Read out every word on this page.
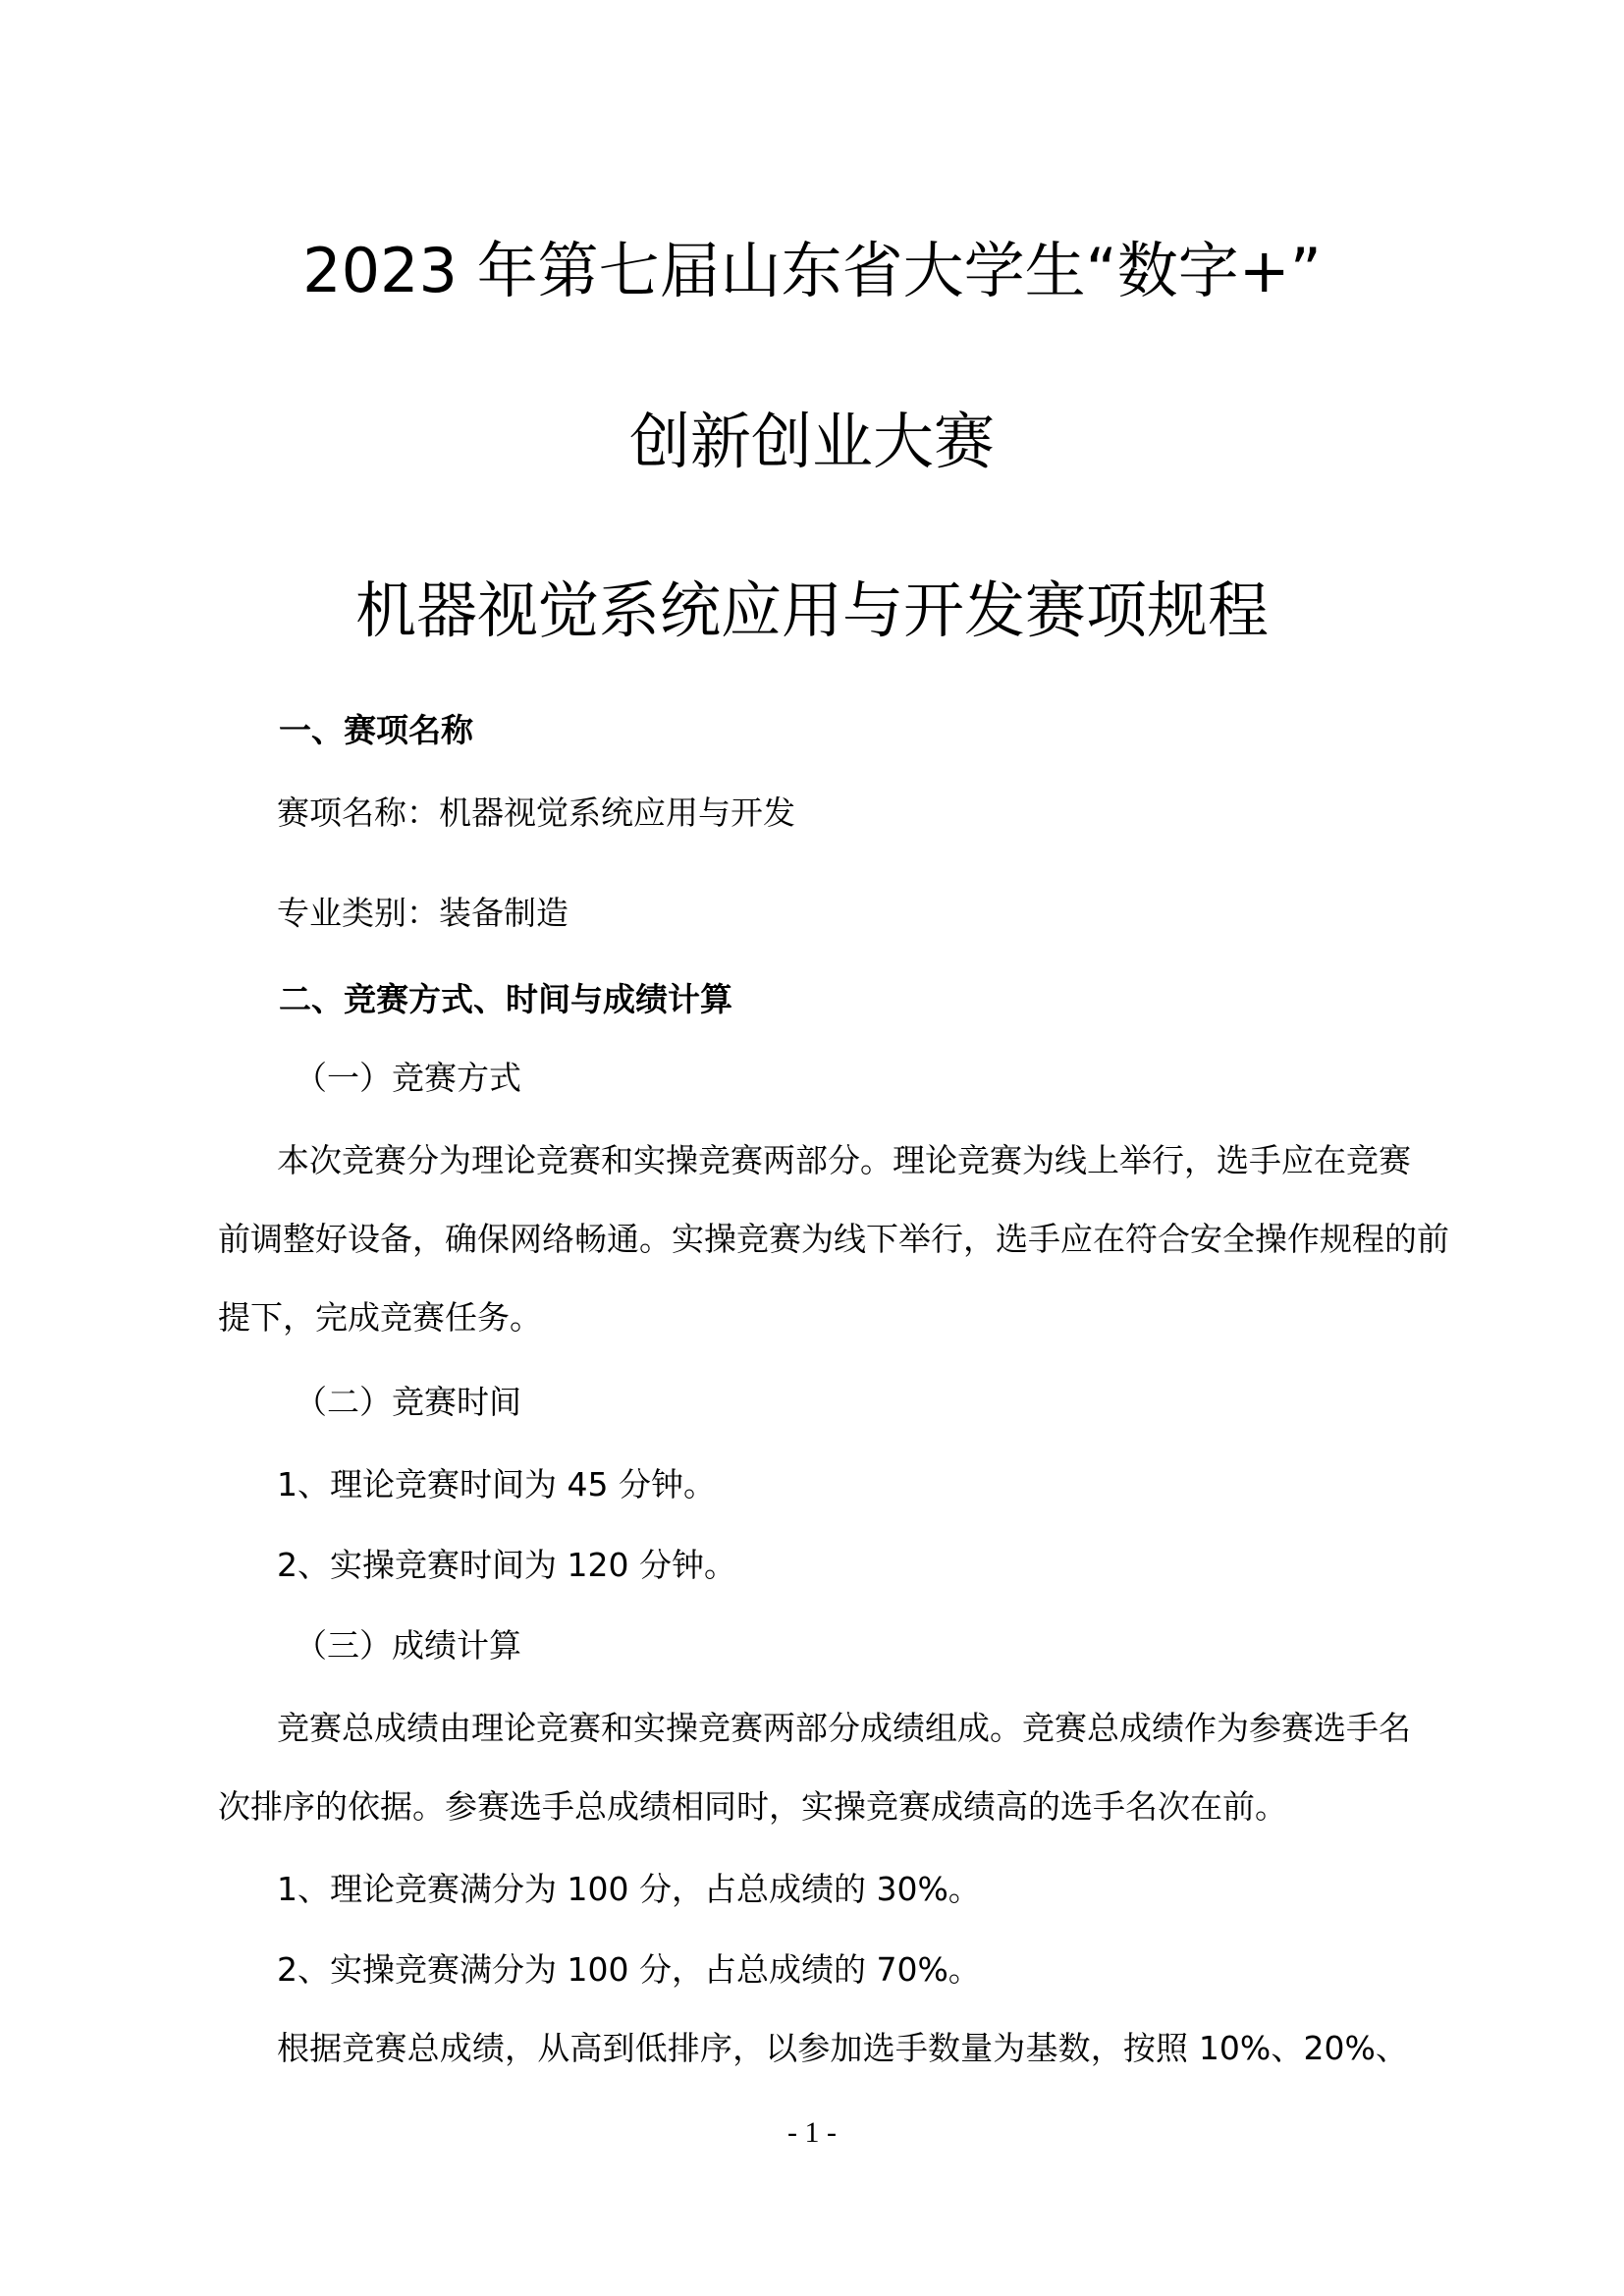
2023 年第七届山东省大学生“数字+”
创新创业大赛
机器视觉系统应用与开发赛项规程

一、赛项名称

赛项名称：机器视觉系统应用与开发

专业类别：装备制造

二、竞赛方式、时间与成绩计算

（一）竞赛方式

本次竞赛分为理论竞赛和实操竞赛两部分。理论竞赛为线上举行，选手应在竞赛

前调整好设备，确保网络畅通。实操竞赛为线下举行，选手应在符合安全操作规程的前

提下，完成竞赛任务。

（二）竞赛时间

1、理论竞赛时间为 45 分钟。

2、实操竞赛时间为 120 分钟。

（三）成绩计算

竞赛总成绩由理论竞赛和实操竞赛两部分成绩组成。竞赛总成绩作为参赛选手名

次排序的依据。参赛选手总成绩相同时，实操竞赛成绩高的选手名次在前。

1、理论竞赛满分为 100 分，占总成绩的 30%。

2、实操竞赛满分为 100 分，占总成绩的 70%。

根据竞赛总成绩，从高到低排序，以参加选手数量为基数，按照 10%、20%、

- 1 -
